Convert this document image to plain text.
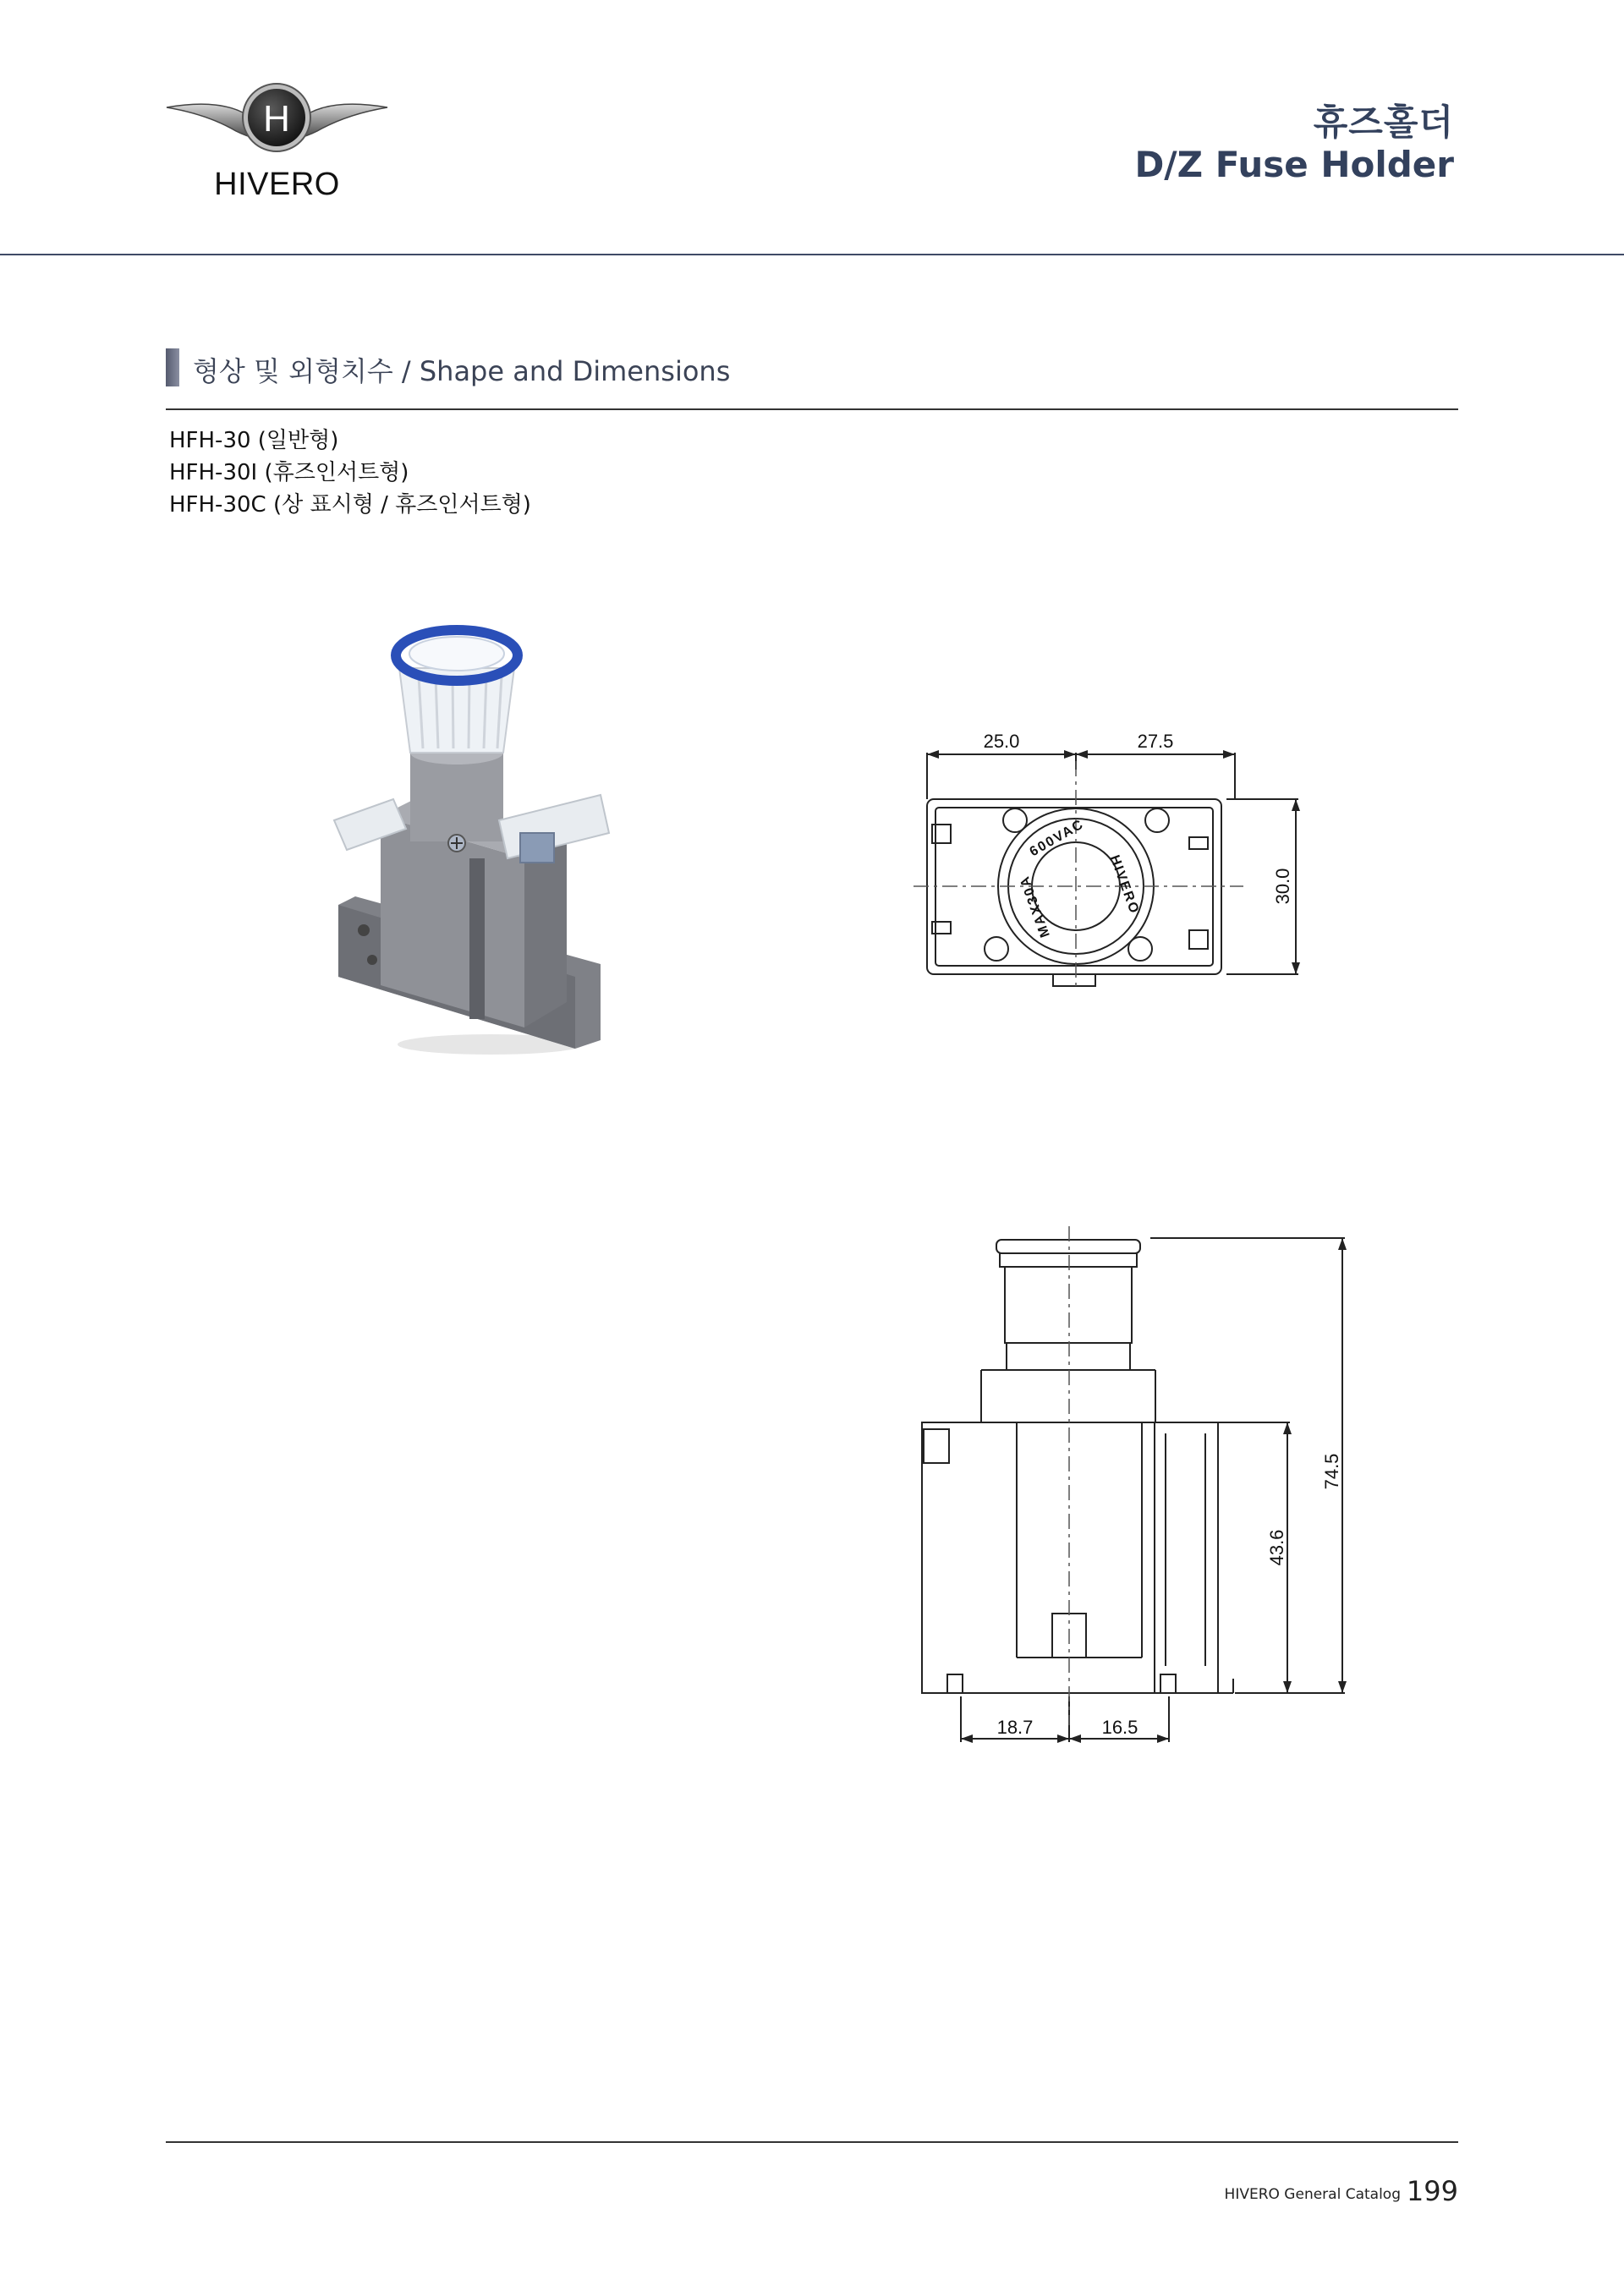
H
HIVERO
휴즈홀더
D/Z Fuse Holder
형상 및 외형치수 / Shape and Dimensions
HFH-30 (일반형)
HFH-30I (휴즈인서트형)
HFH-30C (상 표시형 / 휴즈인서트형)
25.0	27.5
30.0
600VAC
HIVERO
MAX30A
74.5
43.6
18.7	16.5
HIVERO General Catalog 199
